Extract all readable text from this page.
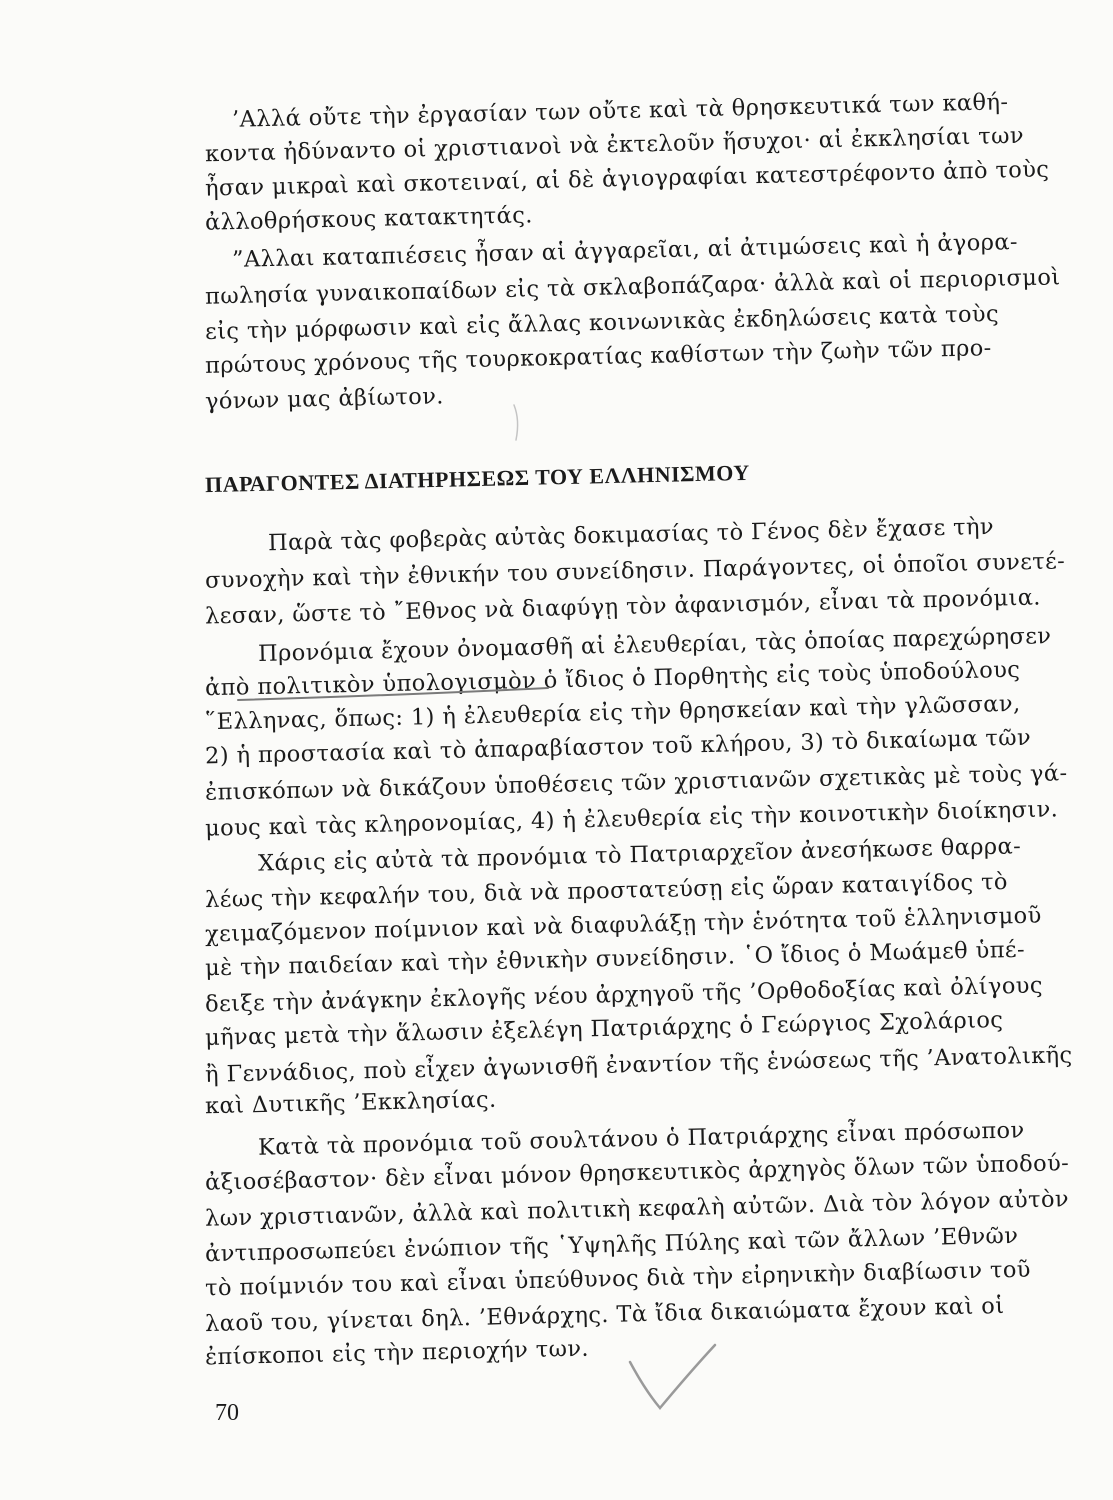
’Αλλά οὔτε τὴν ἐργασίαν των οὔτε καὶ τὰ θρησκευτικά των καθή-
κοντα ἠδύναντο οἱ χριστιανοὶ νὰ ἐκτελοῦν ἥσυχοι· αἱ ἐκκλησίαι των
ἦσαν μικραὶ καὶ σκοτειναί, αἱ δὲ ἁγιογραφίαι κατεστρέφοντο ἀπὸ τοὺς
ἀλλοθρήσκους κατακτητάς.
”Αλλαι καταπιέσεις ἦσαν αἱ ἀγγαρεῖαι, αἱ ἀτιμώσεις καὶ ἡ ἀγορα-
πωλησία γυναικοπαίδων εἰς τὰ σκλαβοπάζαρα· ἀλλὰ καὶ οἱ περιορισμοὶ
εἰς τὴν μόρφωσιν καὶ εἰς ἄλλας κοινωνικὰς ἐκδηλώσεις κατὰ τοὺς
πρώτους χρόνους τῆς τουρκοκρατίας καθίστων τὴν ζωὴν τῶν προ-
γόνων μας ἀβίωτον.
ΠΑΡΑΓΟΝΤΕΣ ΔΙΑΤΗΡΗΣΕΩΣ ΤΟΥ ΕΛΛΗΝΙΣΜΟΥ
Παρὰ τὰς φοβερὰς αὐτὰς δοκιμασίας τὸ Γένος δὲν ἔχασε τὴν
συνοχὴν καὶ τὴν ἐθνικήν του συνείδησιν. Παράγοντες, οἱ ὁποῖοι συνετέ-
λεσαν, ὥστε τὸ ῎Εθνος νὰ διαφύγῃ τὸν ἀφανισμόν, εἶναι τὰ προνόμια.
Προνόμια ἔχουν ὀνομασθῆ αἱ ἐλευθερίαι, τὰς ὁποίας παρεχώρησεν
ἀπὸ πολιτικὸν ὑπολογισμὸν ὁ ἴδιος ὁ Πορθητὴς εἰς τοὺς ὑποδούλους
῞Ελληνας, ὅπως: 1) ἡ ἐλευθερία εἰς τὴν θρησκείαν καὶ τὴν γλῶσσαν,
2) ἡ προστασία καὶ τὸ ἀπαραβίαστον τοῦ κλήρου, 3) τὸ δικαίωμα τῶν
ἐπισκόπων νὰ δικάζουν ὑποθέσεις τῶν χριστιανῶν σχετικὰς μὲ τοὺς γά-
μους καὶ τὰς κληρονομίας, 4) ἡ ἐλευθερία εἰς τὴν κοινοτικὴν διοίκησιν.
Χάρις εἰς αὐτὰ τὰ προνόμια τὸ Πατριαρχεῖον ἀνεσήκωσε θαρρα-
λέως τὴν κεφαλήν του, διὰ νὰ προστατεύσῃ εἰς ὥραν καταιγίδος τὸ
χειμαζόμενον ποίμνιον καὶ νὰ διαφυλάξῃ τὴν ἑνότητα τοῦ ἑλληνισμοῦ
μὲ τὴν παιδείαν καὶ τὴν ἐθνικὴν συνείδησιν. ῾Ο ἴδιος ὁ Μωάμεθ ὑπέ-
δειξε τὴν ἀνάγκην ἐκλογῆς νέου ἀρχηγοῦ τῆς ’Ορθοδοξίας καὶ ὀλίγους
μῆνας μετὰ τὴν ἅλωσιν ἐξελέγη Πατριάρχης ὁ Γεώργιος Σχολάριος
ἢ Γεννάδιος, ποὺ εἶχεν ἀγωνισθῆ ἐναντίον τῆς ἑνώσεως τῆς ’Ανατολικῆς
καὶ Δυτικῆς ’Εκκλησίας.
Κατὰ τὰ προνόμια τοῦ σουλτάνου ὁ Πατριάρχης εἶναι πρόσωπον
ἀξιοσέβαστον· δὲν εἶναι μόνον θρησκευτικὸς ἀρχηγὸς ὅλων τῶν ὑποδού-
λων χριστιανῶν, ἀλλὰ καὶ πολιτικὴ κεφαλὴ αὐτῶν. Διὰ τὸν λόγον αὐτὸν
ἀντιπροσωπεύει ἐνώπιον τῆς ῾Υψηλῆς Πύλης καὶ τῶν ἄλλων ’Εθνῶν
τὸ ποίμνιόν του καὶ εἶναι ὑπεύθυνος διὰ τὴν εἰρηνικὴν διαβίωσιν τοῦ
λαοῦ του, γίνεται δηλ. ’Εθνάρχης. Τὰ ἴδια δικαιώματα ἔχουν καὶ οἱ
ἐπίσκοποι εἰς τὴν περιοχήν των.
70
